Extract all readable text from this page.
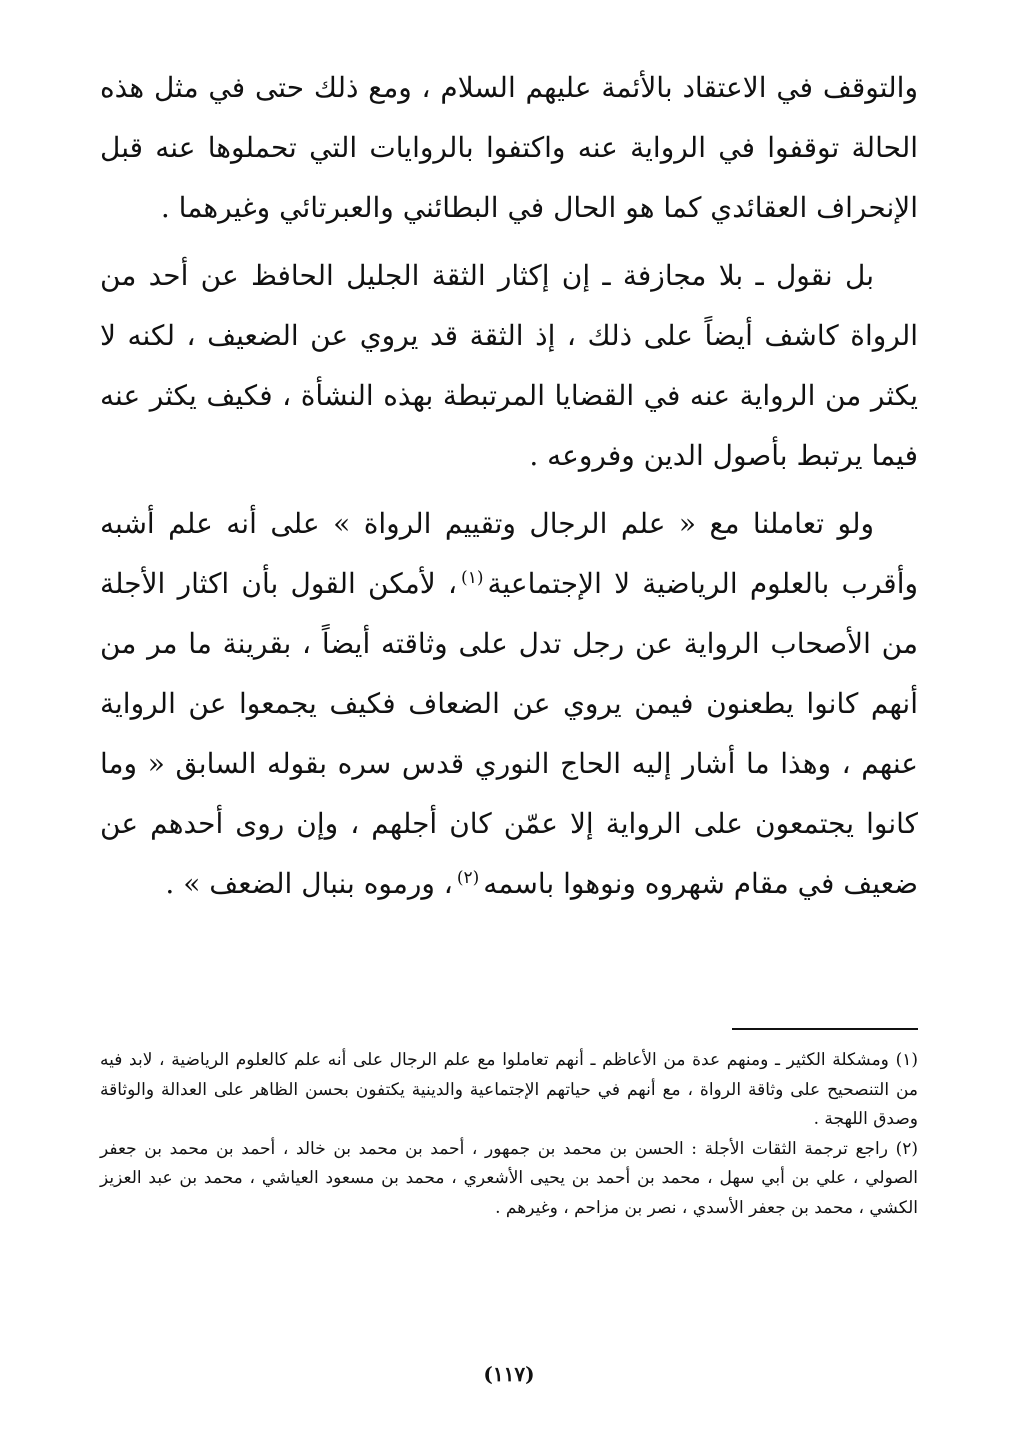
والتوقف في الاعتقاد بالأئمة عليهم السلام ، ومع ذلك حتى في مثل هذه الحالة توقفوا في الرواية عنه واكتفوا بالروايات التي تحملوها عنه قبل الإنحراف العقائدي كما هو الحال في البطائني والعبرتائي وغيرهما .

بل نقول ـ بلا مجازفة ـ إن إكثار الثقة الجليل الحافظ عن أحد من الرواة كاشف أيضاً على ذلك ، إذ الثقة قد يروي عن الضعيف ، لكنه لا يكثر من الرواية عنه في القضايا المرتبطة بهذه النشأة ، فكيف يكثر عنه فيما يرتبط بأصول الدين وفروعه .

ولو تعاملنا مع « علم الرجال وتقييم الرواة » على أنه علم أشبه وأقرب بالعلوم الرياضية لا الإجتماعية$^{(١)}$، لأمكن القول بأن اكثار الأجلة من الأصحاب الرواية عن رجل تدل على وثاقته أيضاً ، بقرينة ما مر من أنهم كانوا يطعنون فيمن يروي عن الضعاف فكيف يجمعوا عن الرواية عنهم ، وهذا ما أشار إليه الحاج النوري قدس سره بقوله السابق « وما كانوا يجتمعون على الرواية إلا عمّن كان أجلهم ، وإن روى أحدهم عن ضعيف في مقام شهروه ونوهوا باسمه$^{(٢)}$، ورموه بنبال الضعف » .

(١) ومشكلة الكثير ـ ومنهم عدة من الأعاظم ـ أنهم تعاملوا مع علم الرجال على أنه علم كالعلوم الرياضية ، لابد فيه من التنصحيح على وثاقة الرواة ، مع أنهم في حياتهم الإجتماعية والدينية يكتفون بحسن الظاهر على العدالة والوثاقة وصدق اللهجة .

(٢) راجع ترجمة الثقات الأجلة : الحسن بن محمد بن جمهور ، أحمد بن محمد بن خالد ، أحمد بن محمد بن جعفر الصولي ، علي بن أبي سهل ، محمد بن أحمد بن يحيى الأشعري ، محمد بن مسعود العياشي ، محمد بن عبد العزيز الكشي ، محمد بن جعفر الأسدي ، نصر بن مزاحم ، وغيرهم .

(١١٧)
